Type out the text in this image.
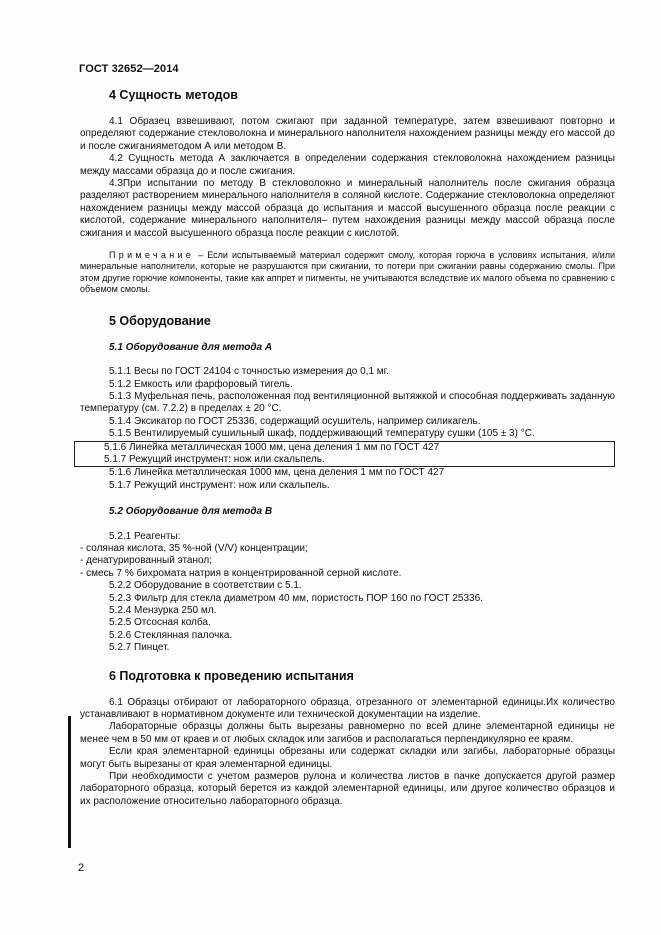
ГОСТ 32652—2014
4 Сущность методов

4.1 Образец взвешивают, потом сжигают при заданной температуре, затем взвешивают повторно и определяют содержание стекловолокна и минерального наполнителя нахождением разницы между его массой до и после сжиганияметодом А или методом В.

4.2 Сущность метода А заключается в определении содержания стекловолокна нахождением разницы между массами образца до и после сжигания.

4.3При испытании по методу В стекловолокно и минеральный наполнитель после сжигания образца разделяют растворением минерального наполнителя в соляной кислоте. Содержание стекловолокна определяют нахождением разницы между массой образца до испытания и массой высушенного образца после реакции с кислотой, содержание минерального наполнителя– путем нахождения разницы между массой образца после сжигания и массой высушенного образца после реакции с кислотой.

Примечание – Если испытываемый материал содержит смолу, которая горюча в условиях испытания, и/или минеральные наполнители, которые не разрушаются при сжигании, то потери при сжигании равны содержанию смолы. При этом другие горючие компоненты, такие как аппрет и пигменты, не учитываются вследствие их малого объема по сравнению с объемом смолы.

5 Оборудование
5.1 Оборудование для метода А

5.1.1 Весы по ГОСТ 24104 с точностью измерения до 0,1 мг.

5.1.2 Емкость или фарфоровый тигель.

5.1.3 Муфельная печь, расположенная под вентиляционной вытяжкой и способная поддерживать заданную температуру (см. 7.2.2) в пределах ± 20 °С.

5.1.4 Эксикатор по ГОСТ 25336, содержащий осушитель, например силикагель.

5.1.5 Вентилируемый сушильный шкаф, поддерживающий температуру сушки (105 ± 3) °С.

5.1.6 Линейка металлическая 1000 мм, цена деления 1 мм по ГОСТ 427

5.1.7 Режущий инструмент: нож или скальпель.

5.1.6 Линейка металлическая 1000 мм, цена деления 1 мм по ГОСТ 427

5.1.7 Режущий инструмент: нож или скальпель.

5.2 Оборудование для метода В

5.2.1 Реагенты:

- соляная кислота, 35 %-ной (V/V) концентрации;

- денатурированный этанол;

- смесь 7 % бихромата натрия в концентрированной серной кислоте.

5.2.2 Оборудование в соответствии с 5.1.

5.2.3 Фильтр для стекла диаметром 40 мм, пористость ПОР 160 по ГОСТ 25336.

5.2.4 Мензурка 250 мл.

5.2.5 Отсосная колба.

5.2.6 Стеклянная палочка.

5.2.7 Пинцет.

6 Подготовка к проведению испытания

6.1 Образцы отбирают от лабораторного образца, отрезанного от элементарной единицы.Их количество устанавливают в нормативном документе или технической документации на изделие.

Лабораторные образцы должны быть вырезаны равномерно по всей длине элементарной единицы не менее чем в 50 мм от краев и от любых складок или загибов и располагаться перпендикулярно ее краям.

Если края элементарной единицы обрезаны или содержат складки или загибы, лабораторные образцы могут быть вырезаны от края элементарной единицы.

При необходимости с учетом размеров рулона и количества листов в пачке допускается другой размер лабораторного образца, который берется из каждой элементарной единицы, или другое количество образцов и их расположение относительно лабораторного образца.

2
